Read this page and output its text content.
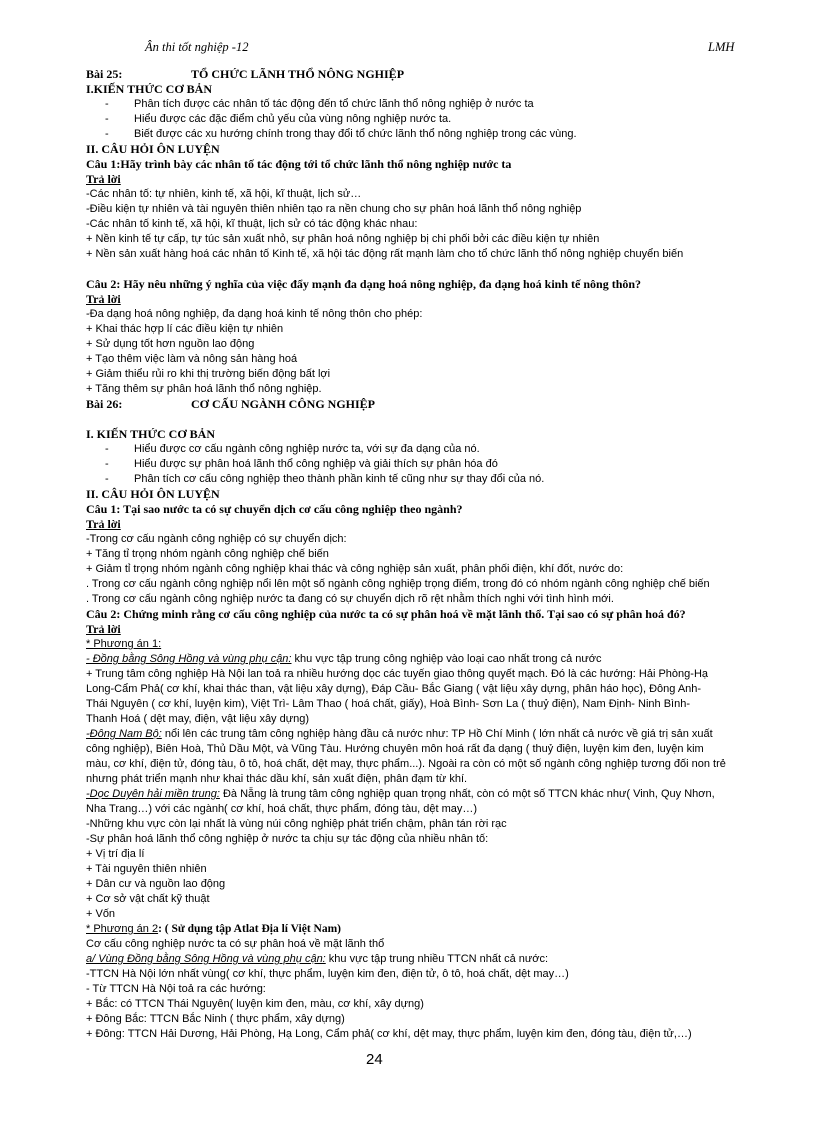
Ân thi tốt nghiệp -12	LMH
Bài 25:	TỔ CHỨC LÃNH THỔ NÔNG NGHIỆP
I.KIẾN THỨC CƠ BẢN
-	Phân tích được các nhân tố tác động đến tổ chức lãnh thổ nông nghiệp ở nước ta
-	Hiểu được các đặc điểm chủ yếu của vùng nông nghiệp nước ta.
-	Biết được các xu hướng chính trong thay đổi tổ chức lãnh thổ nông nghiệp trong các vùng.
II. CÂU HỎI ÔN LUYỆN
Câu 1:Hãy trình bày các nhân tố tác động tới tổ chức lãnh thổ nông nghiệp nước ta
Trả lời
-Các nhân tố: tự nhiên, kinh tế, xã hội, kĩ thuật, lịch sử…
-Điều kiện tự nhiên và tài nguyên thiên nhiên tạo ra nền chung cho sự phân hoá lãnh thổ nông nghiệp
-Các nhân tố kinh tế, xã hội, kĩ thuật, lịch sử có tác động khác nhau:
+ Nền kinh tế tự cấp, tự túc sản xuất nhỏ, sự phân hoá nông nghiệp bị chi phối bởi các điều kiện tự nhiên
+ Nền sản xuất hàng hoá các nhân tố Kinh tế, xã hội tác động rất mạnh làm cho tổ chức lãnh thổ nông nghiệp chuyển biến
Câu 2: Hãy nêu những ý nghĩa của việc đẩy mạnh đa dạng hoá nông nghiệp, đa dạng hoá kinh tế nông thôn?
Trả lời
-Đa dạng hoá nông nghiệp, đa dạng hoá kinh tế nông thôn cho phép:
+ Khai thác hợp lí các điều kiện tự nhiên
+ Sử dụng tốt hơn nguồn lao động
+ Tạo thêm việc làm và nông sản hàng hoá
+ Giảm thiểu rủi ro khi thị trường biến động bất lợi
+ Tăng thêm sự phân hoá lãnh thổ nông nghiệp.
Bài 26:	CƠ CẤU NGÀNH CÔNG NGHIỆP
I. KIẾN THỨC CƠ BẢN
-	Hiểu được cơ cấu ngành công nghiệp nước ta, với sự đa dạng của nó.
-	Hiểu được sự phân hoá lãnh thổ công nghiệp và giải thích sự phân hóa đó
-	Phân tích cơ cấu công nghiệp theo thành phần kinh tế cũng như sự thay đổi của nó.
II. CÂU HỎI ÔN LUYỆN
Câu 1: Tại sao nước ta có sự chuyển dịch cơ cấu công nghiệp theo ngành?
Trả lời
-Trong cơ cấu ngành công nghiệp có sự chuyển dịch:
+ Tăng tỉ trọng nhóm ngành công nghiệp chế biến
+ Giảm tỉ trọng nhóm ngành công nghiệp khai thác và công nghiệp sản xuất, phân phối điện, khí đốt, nước do:
. Trong cơ cấu ngành công nghiệp nổi lên một số ngành công nghiệp trọng điểm, trong đó có nhóm ngành công nghiệp chế biến
. Trong cơ cấu ngành công nghiệp nước ta đang có sự chuyển dịch rõ rệt nhằm thích nghi với tình hình mới.
Câu 2: Chứng minh rằng cơ cấu công nghiệp của nước ta có sự phân hoá về mặt lãnh thổ. Tại sao có sự phân hoá đó?
Trả lời
* Phương án 1:
- Đồng bằng Sông Hồng và vùng phụ cận: khu vực tập trung công nghiệp vào loại cao nhất trong cả nước
+ Trung tâm công nghiệp Hà Nội lan toả ra nhiều hướng dọc các tuyến giao thông quyết mạch. Đó là các hướng: Hải Phòng-Hạ
Long-Cẩm Phả( cơ khí, khai thác than, vật liệu xây dựng), Đáp Cầu- Bắc Giang ( vật liệu xây dựng, phân háo học), Đông Anh-
Thái Nguyên ( cơ khí, luyện kim), Việt Trì- Lâm Thao ( hoá chất, giấy), Hoà Bình- Sơn La ( thuỷ điện), Nam Định- Ninh Bình-
Thanh Hoá ( dệt may, điện, vật liệu xây dựng)
-Đông Nam Bộ: nổi lên các trung tâm công nghiệp hàng đầu cả nước như: TP Hồ Chí Minh ( lớn nhất cả nước về giá trị sản xuất
công nghiệp), Biên Hoà, Thủ Dầu Một, và Vũng Tàu. Hướng chuyên môn hoá rất đa dạng ( thuỷ điện, luyện kim đen, luyện kim
màu, cơ khí, điện tử, đóng tàu, ô tô, hoá chất, dệt may, thực phẩm...). Ngoài ra còn có một số ngành công nghiệp tương đối non trẻ
nhưng phát triển mạnh như khai thác dầu khí, sản xuất điện, phân đạm từ khí.
-Dọc Duyên hải miền trung: Đà Nẵng là trung tâm công nghiệp quan trọng nhất, còn có một số TTCN khác như( Vinh, Quy Nhơn,
Nha Trang…) với các ngành( cơ khí, hoá chất, thực phẩm, đóng tàu, dệt may…)
-Những khu vực còn lại nhất là vùng núi công nghiệp phát triển chậm, phân tán rời rạc
-Sự phân hoá lãnh thổ công nghiệp ở nước ta chịu sự tác động của nhiều nhân tố:
+ Vị trí địa lí
+ Tài nguyên thiên nhiên
+ Dân cư và nguồn lao động
+ Cơ sở vật chất kỹ thuật
+ Vốn
* Phương án 2: ( Sử dụng tập Atlat Địa lí Việt Nam)
Cơ cấu công nghiệp nước ta có sự phân hoá về mặt lãnh thổ
a/ Vùng Đồng bằng Sông Hồng và vùng phụ cận: khu vực tập trung nhiều TTCN nhất cả nước:
-TTCN Hà Nội lớn nhất vùng( cơ khí, thực phẩm, luyện kim đen, điện tử, ô tô, hoá chất, dệt may…)
- Từ TTCN Hà Nội toả ra các hướng:
+ Bắc: có TTCN Thái Nguyên( luyện kim đen, màu, cơ khí, xây dựng)
+ Đông Bắc: TTCN Bắc Ninh ( thực phẩm, xây dựng)
+ Đông: TTCN Hải Dương, Hải Phòng, Hạ Long, Cẩm phả( cơ khí, dệt may, thực phẩm, luyện kim đen, đóng tàu, điện tử,…)
24
